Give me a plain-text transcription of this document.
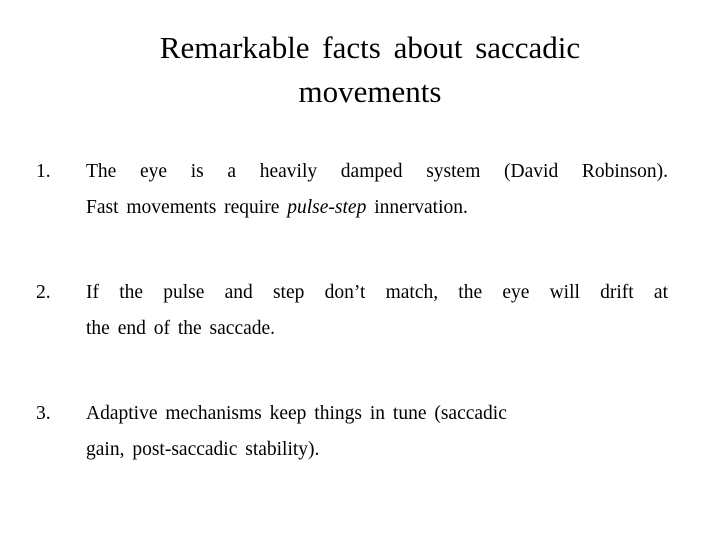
Remarkable facts about saccadic
movements
1.	The eye is a heavily damped system (David Robinson).
Fast movements require pulse-step innervation.
2.	If the pulse and step don’t match, the eye will drift at
the end of the saccade.
3.	Adaptive mechanisms keep things in tune (saccadic
gain, post-saccadic stability).
